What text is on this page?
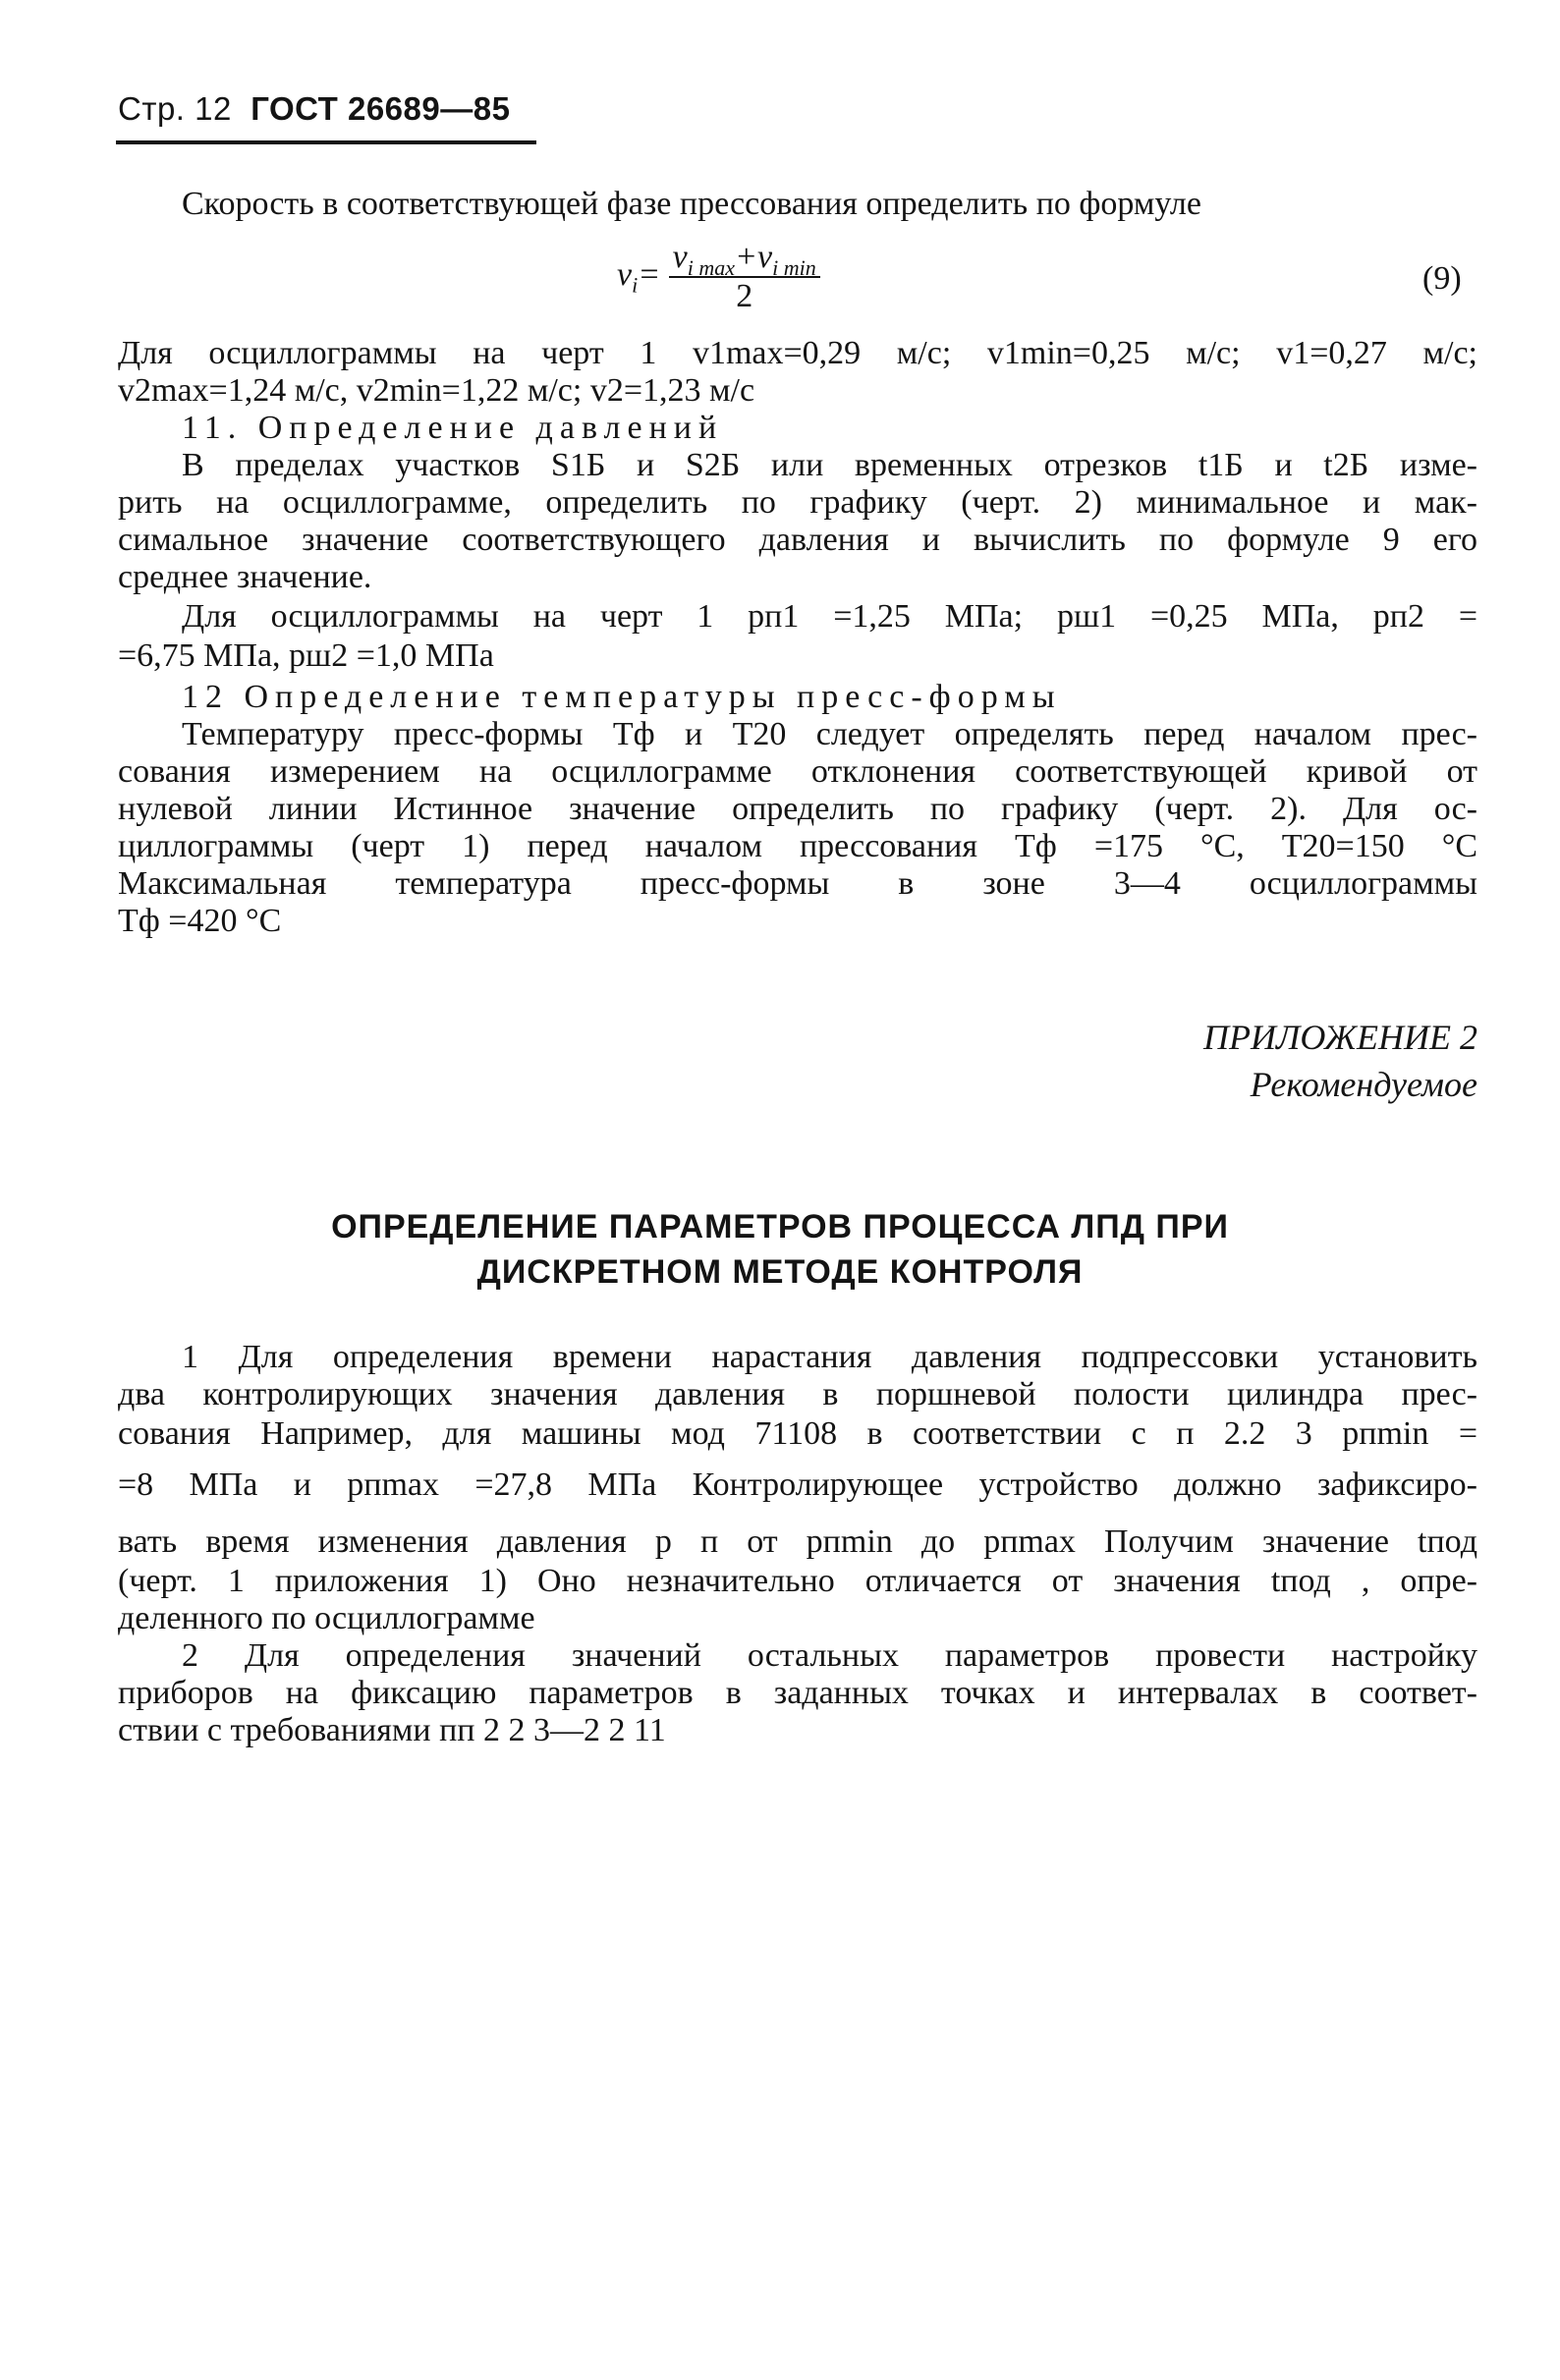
Стр. 12 ГОСТ 26689—85
Скорость в соответствующей фазе прессования определить по формуле
$v_i= \frac{v_{i max}+v_{i min}}{2}$	(9)
Для осциллограммы на черт 1 v1max=0,29 м/с; v1min=0,25 м/с; v1=0,27 м/с;
v2max=1,24 м/с, v2min=1,22 м/с; v2=1,23 м/с
11. Определение давлений
В пределах участков S1Б и S2Б или временных отрезков t1Б и t2Б изме-
рить на осциллограмме, определить по графику (черт. 2) минимальное и мак-
симальное значение соответствующего давления и вычислить по формуле 9 его
среднее значение.
Для осциллограммы на черт 1 pп1 =1,25 МПа; pш1 =0,25 МПа, pп2 =
=6,75 МПа, pш2 =1,0 МПа
12 Определение температуры пресс-формы
Температуру пресс-формы Тф и Т20 следует определять перед началом прес-
сования измерением на осциллограмме отклонения соответствующей кривой от
нулевой линии Истинное значение определить по графику (черт. 2). Для ос-
циллограммы (черт 1) перед началом прессования Тф =175 °С, Т20=150 °С
Максимальная температура пресс-формы в зоне 3—4 осциллограммы
Тф =420 °С
ПРИЛОЖЕНИЕ 2
Рекомендуемое
ОПРЕДЕЛЕНИЕ ПАРАМЕТРОВ ПРОЦЕССА ЛПД ПРИ
ДИСКРЕТНОМ МЕТОДЕ КОНТРОЛЯ
1 Для определения времени нарастания давления подпрессовки установить
два контролирующих значения давления в поршневой полости цилиндра прес-
сования Например, для машины мод 71108 в соответствии с п 2.2 3 pпmin =
=8 МПа и pпmax =27,8 МПа Контролирующее устройство должно зафиксиро-
вать время изменения давления p п от pпmin до pпmax Получим значение tпод
(черт. 1 приложения 1) Оно незначительно отличается от значения tпод , опре-
деленного по осциллограмме
2 Для определения значений остальных параметров провести настройку
приборов на фиксацию параметров в заданных точках и интервалах в соответ-
ствии с требованиями пп 2 2 3—2 2 11
